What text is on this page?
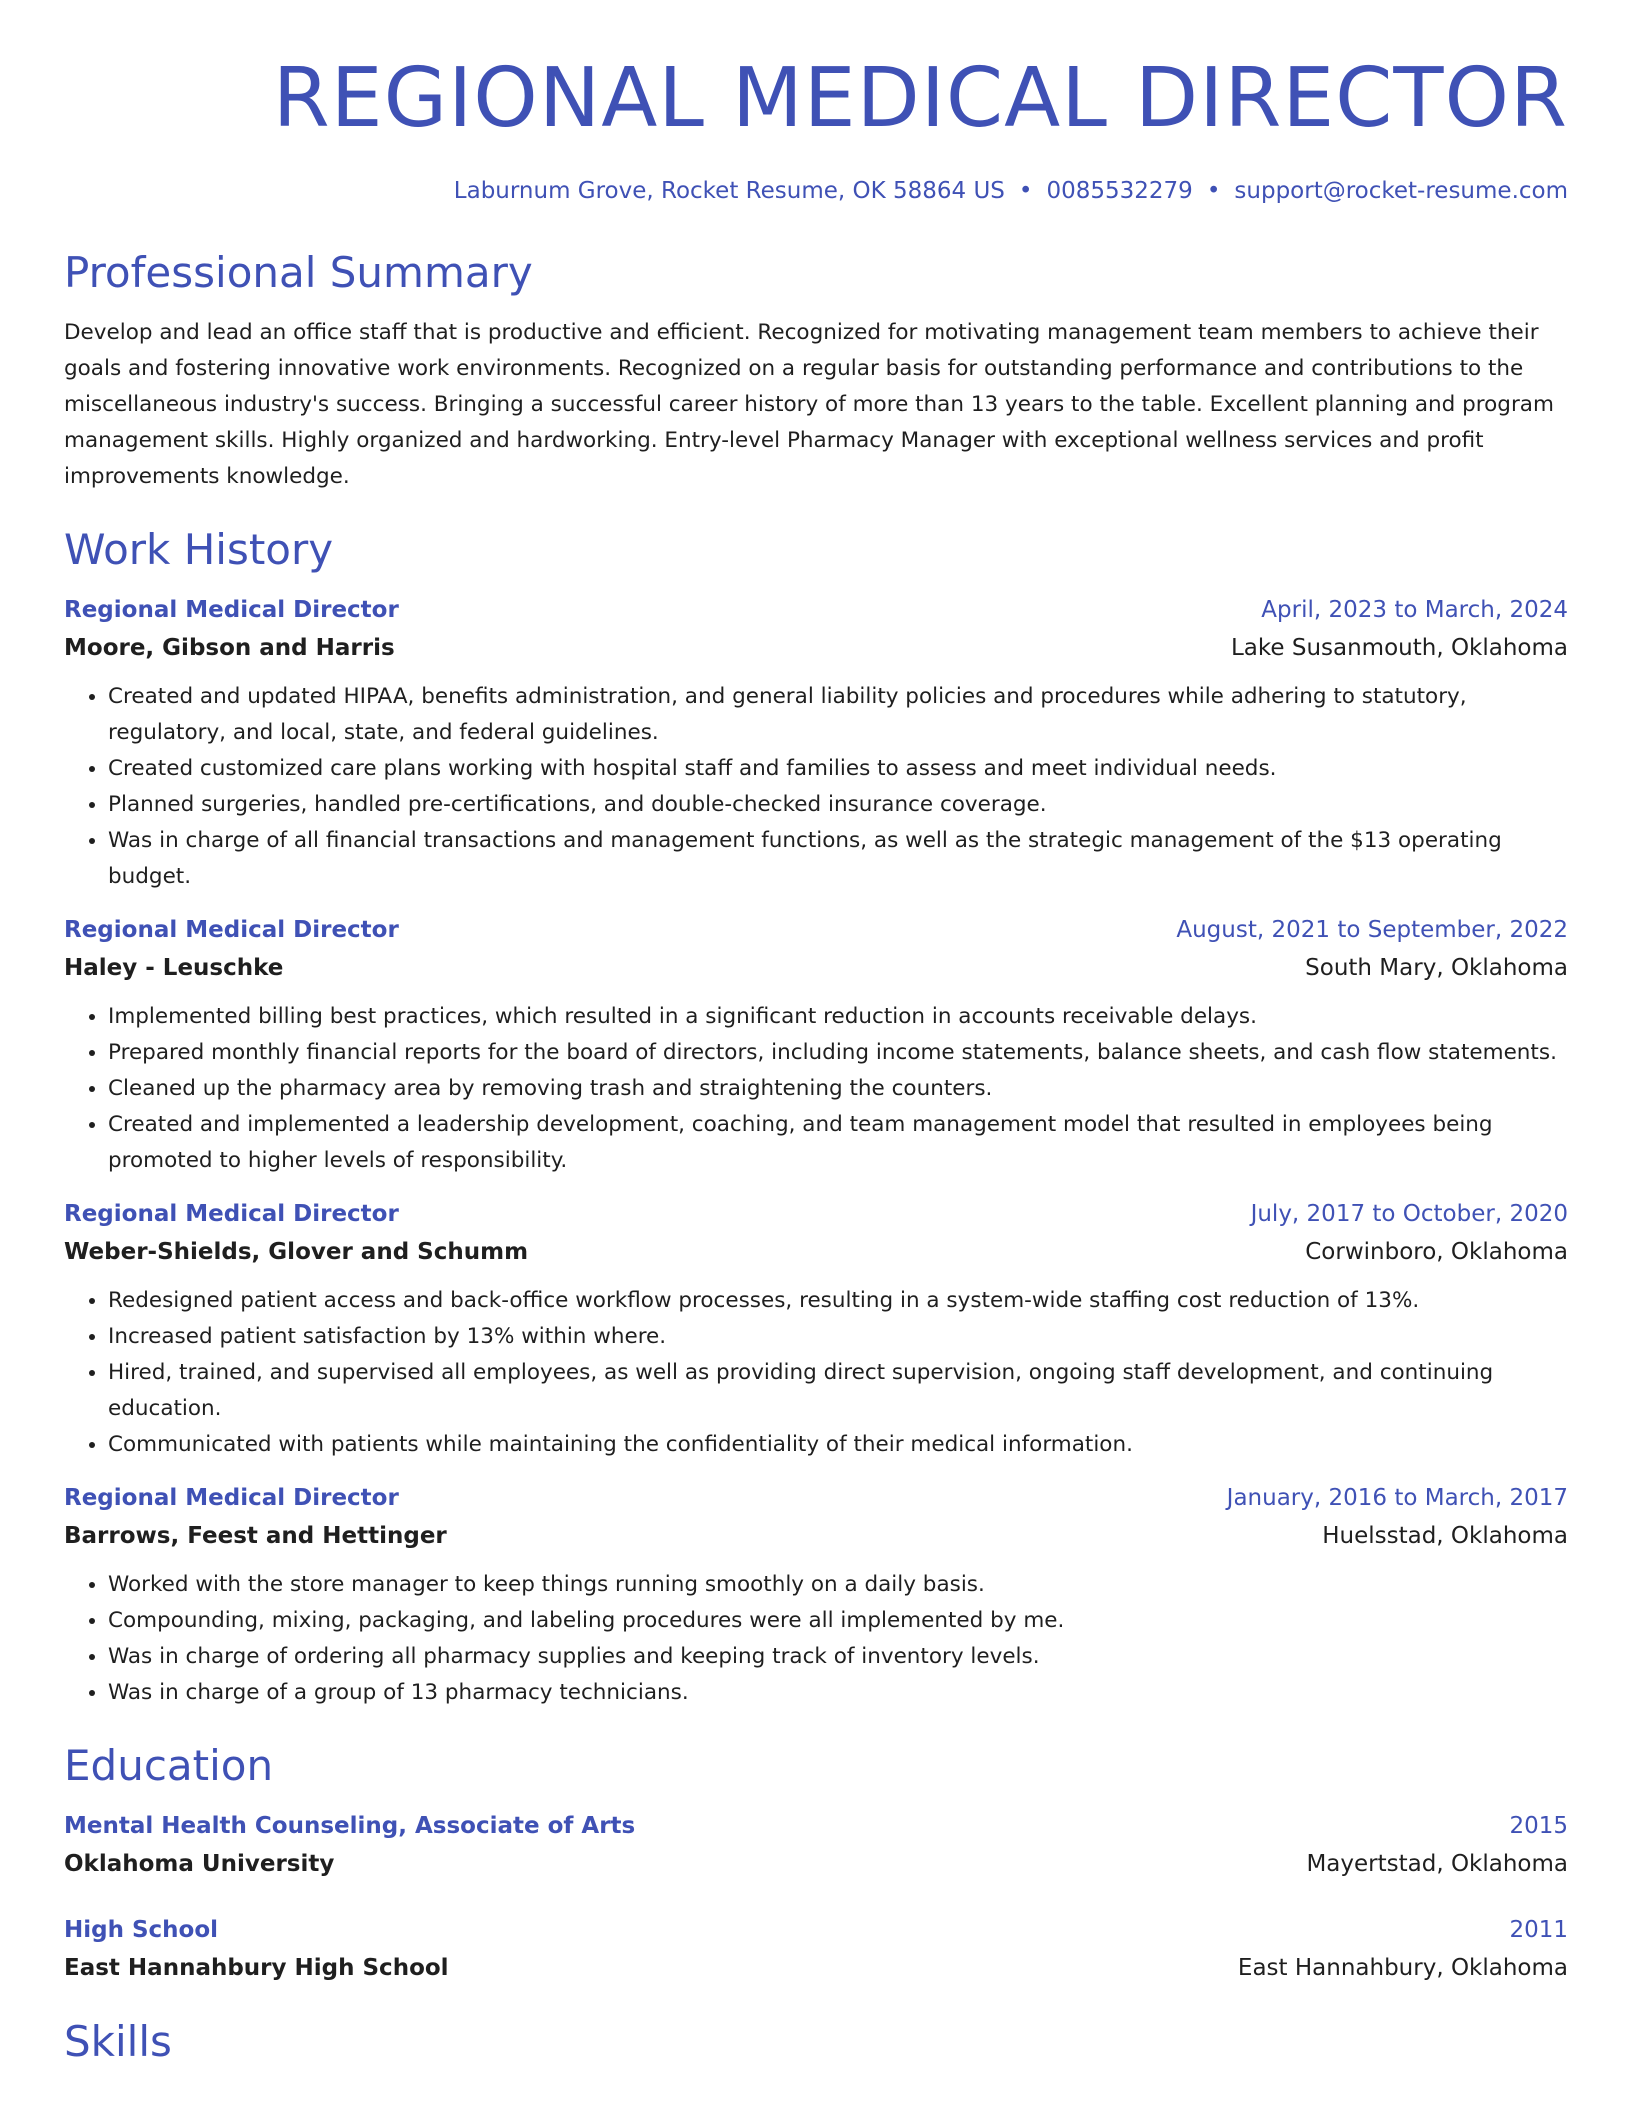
REGIONAL MEDICAL DIRECTOR
Laburnum Grove, Rocket Resume, OK 58864 US • 0085532279 • support@rocket-resume.com
Professional Summary
Develop and lead an office staff that is productive and efficient. Recognized for motivating management team members to achieve their goals and fostering innovative work environments. Recognized on a regular basis for outstanding performance and contributions to the miscellaneous industry's success. Bringing a successful career history of more than 13 years to the table. Excellent planning and program management skills. Highly organized and hardworking. Entry-level Pharmacy Manager with exceptional wellness services and profit improvements knowledge.
Work History
Regional Medical Director	April, 2023 to March, 2024
Moore, Gibson and Harris	Lake Susanmouth, Oklahoma
• Created and updated HIPAA, benefits administration, and general liability policies and procedures while adhering to statutory, regulatory, and local, state, and federal guidelines.
• Created customized care plans working with hospital staff and families to assess and meet individual needs.
• Planned surgeries, handled pre-certifications, and double-checked insurance coverage.
• Was in charge of all financial transactions and management functions, as well as the strategic management of the $13 operating budget.
Regional Medical Director	August, 2021 to September, 2022
Haley - Leuschke	South Mary, Oklahoma
• Implemented billing best practices, which resulted in a significant reduction in accounts receivable delays.
• Prepared monthly financial reports for the board of directors, including income statements, balance sheets, and cash flow statements.
• Cleaned up the pharmacy area by removing trash and straightening the counters.
• Created and implemented a leadership development, coaching, and team management model that resulted in employees being promoted to higher levels of responsibility.
Regional Medical Director	July, 2017 to October, 2020
Weber-Shields, Glover and Schumm	Corwinboro, Oklahoma
• Redesigned patient access and back-office workflow processes, resulting in a system-wide staffing cost reduction of 13%.
• Increased patient satisfaction by 13% within where.
• Hired, trained, and supervised all employees, as well as providing direct supervision, ongoing staff development, and continuing education.
• Communicated with patients while maintaining the confidentiality of their medical information.
Regional Medical Director	January, 2016 to March, 2017
Barrows, Feest and Hettinger	Huelsstad, Oklahoma
• Worked with the store manager to keep things running smoothly on a daily basis.
• Compounding, mixing, packaging, and labeling procedures were all implemented by me.
• Was in charge of ordering all pharmacy supplies and keeping track of inventory levels.
• Was in charge of a group of 13 pharmacy technicians.
Education
Mental Health Counseling, Associate of Arts	2015
Oklahoma University	Mayertstad, Oklahoma
High School	2011
East Hannahbury High School	East Hannahbury, Oklahoma
Skills
